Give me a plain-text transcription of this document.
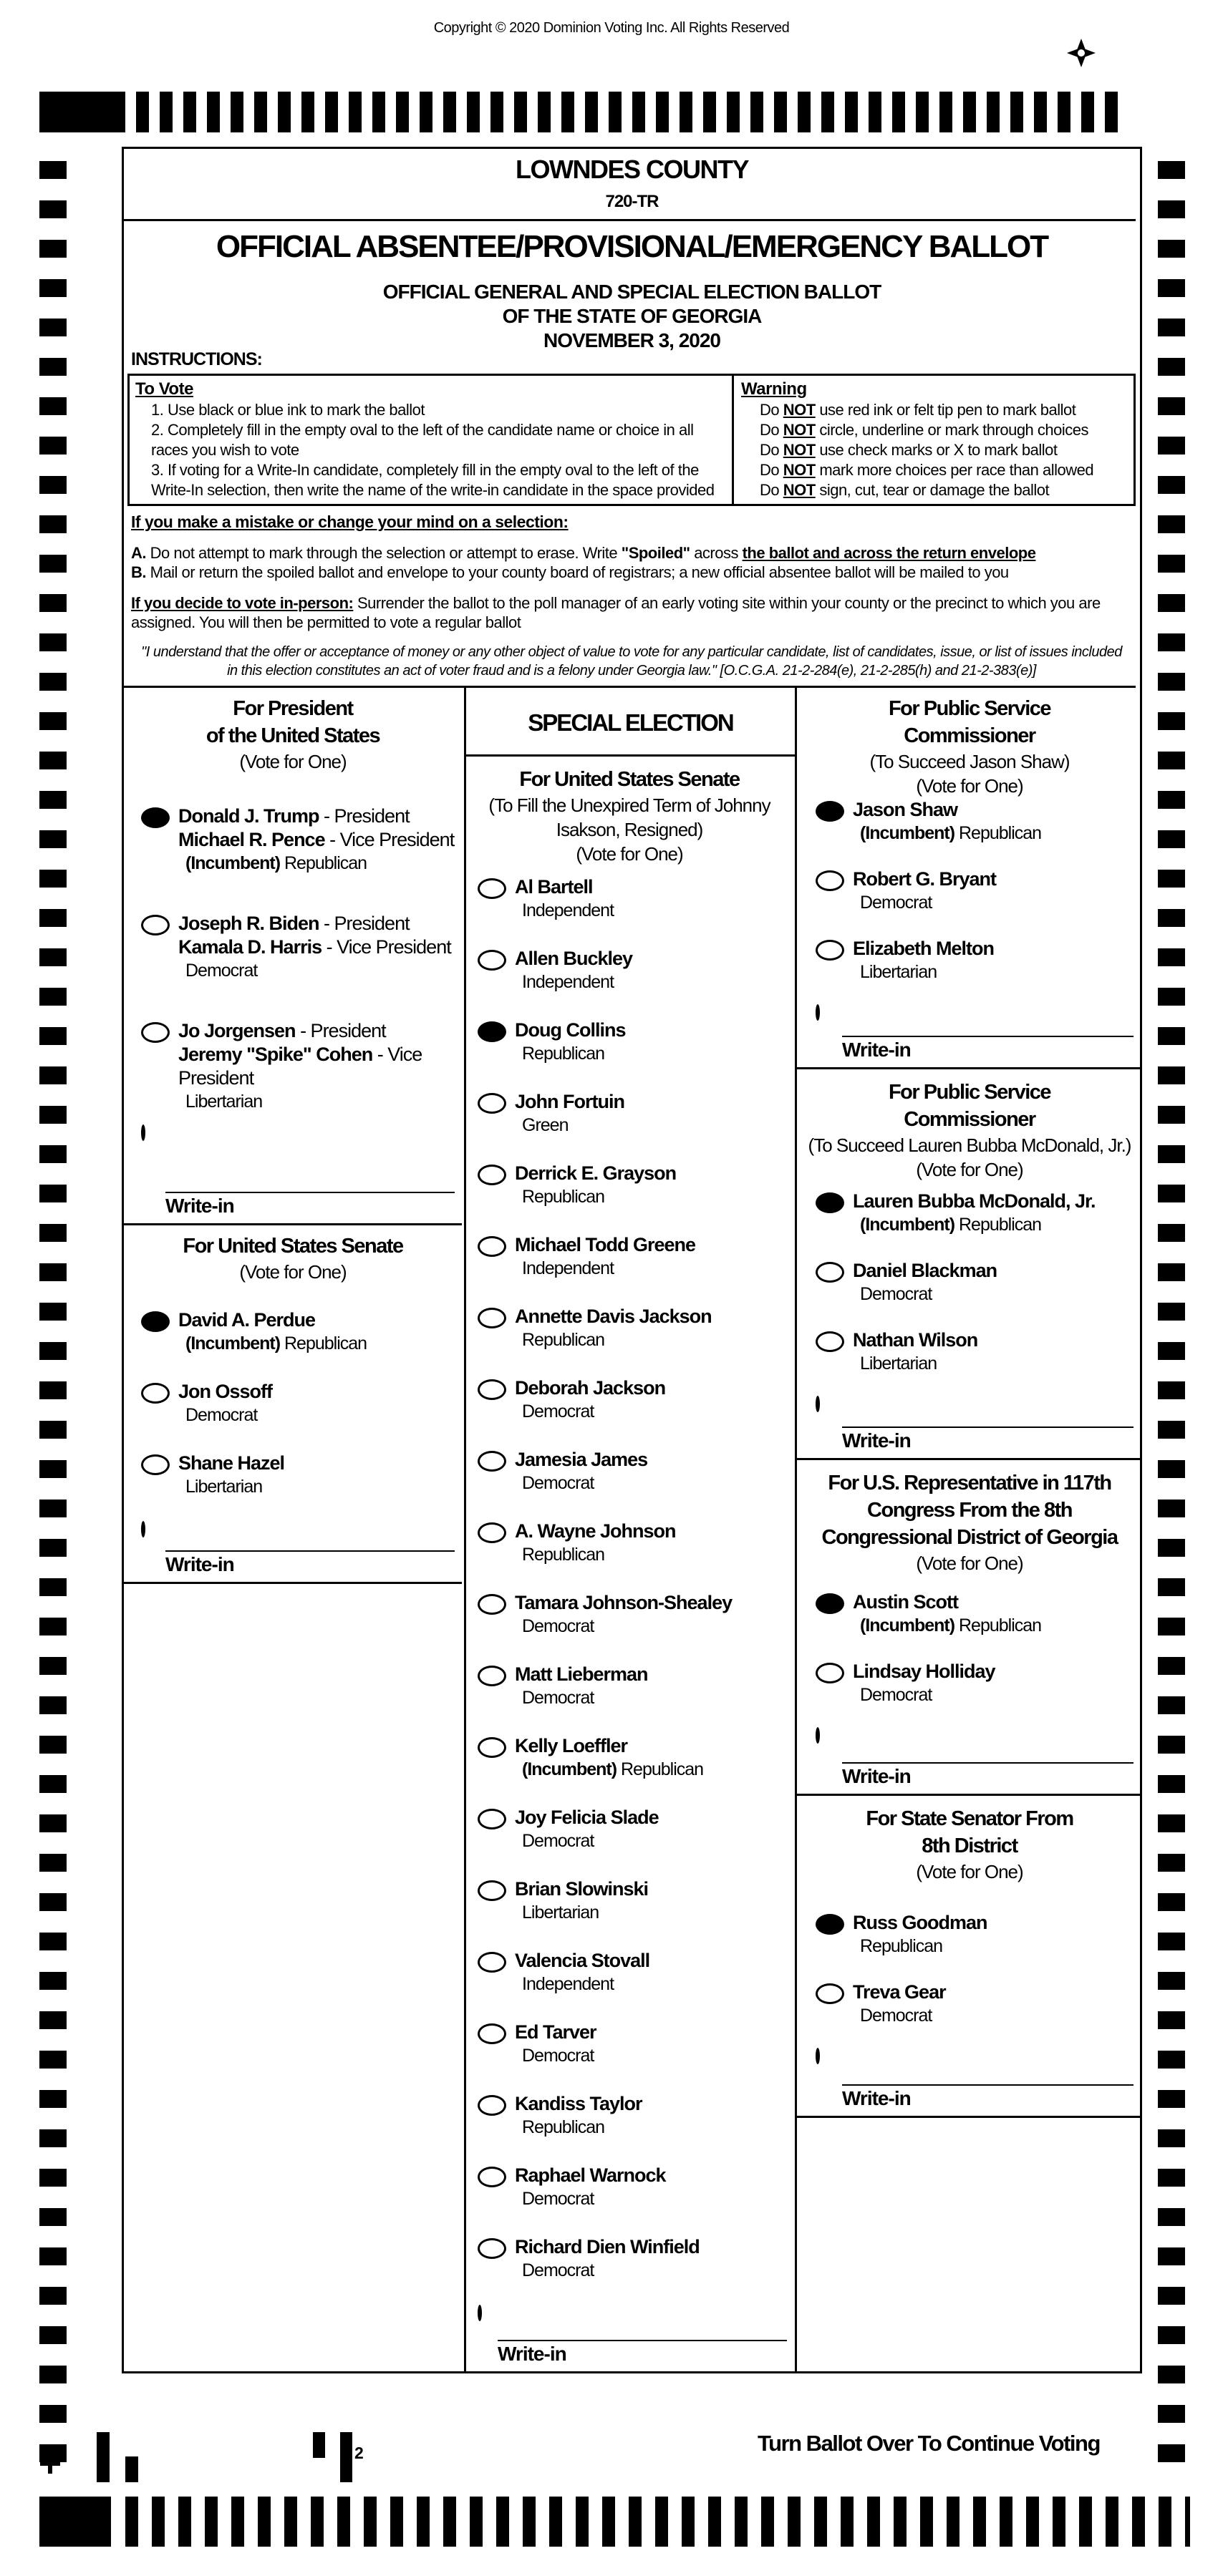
Copyright © 2020 Dominion Voting Inc. All Rights Reserved
LOWNDES COUNTY
720-TR
OFFICIAL ABSENTEE/PROVISIONAL/EMERGENCY BALLOT
OFFICIAL GENERAL AND SPECIAL ELECTION BALLOT
OF THE STATE OF GEORGIA
NOVEMBER 3, 2020
INSTRUCTIONS:
To Vote
1. Use black or blue ink to mark the ballot
2. Completely fill in the empty oval to the left of the candidate name or choice in all races you wish to vote
3. If voting for a Write-In candidate, completely fill in the empty oval to the left of the Write-In selection, then write the name of the write-in candidate in the space provided
Warning
Do NOT use red ink or felt tip pen to mark ballot
Do NOT circle, underline or mark through choices
Do NOT use check marks or X to mark ballot
Do NOT mark more choices per race than allowed
Do NOT sign, cut, tear or damage the ballot
If you make a mistake or change your mind on a selection:
A. Do not attempt to mark through the selection or attempt to erase. Write "Spoiled" across the ballot and across the return envelope
B. Mail or return the spoiled ballot and envelope to your county board of registrars; a new official absentee ballot will be mailed to you
If you decide to vote in-person: Surrender the ballot to the poll manager of an early voting site within your county or the precinct to which you are assigned. You will then be permitted to vote a regular ballot
"I understand that the offer or acceptance of money or any other object of value to vote for any particular candidate, list of candidates, issue, or list of issues included in this election constitutes an act of voter fraud and is a felony under Georgia law." [O.C.G.A. 21-2-284(e), 21-2-285(h) and 21-2-383(e)]
For President
of the United States
(Vote for One)
Donald J. Trump - President
Michael R. Pence - Vice President
(Incumbent) Republican
Joseph R. Biden - President
Kamala D. Harris - Vice President
Democrat
Jo Jorgensen - President
Jeremy "Spike" Cohen - Vice President
Libertarian
Write-in
For United States Senate
(Vote for One)
David A. Perdue
(Incumbent) Republican
Jon Ossoff
Democrat
Shane Hazel
Libertarian
Write-in
SPECIAL ELECTION
For United States Senate
(To Fill the Unexpired Term of Johnny
Isakson, Resigned)
(Vote for One)
Al Bartell
Independent
Allen Buckley
Independent
Doug Collins
Republican
John Fortuin
Green
Derrick E. Grayson
Republican
Michael Todd Greene
Independent
Annette Davis Jackson
Republican
Deborah Jackson
Democrat
Jamesia James
Democrat
A. Wayne Johnson
Republican
Tamara Johnson-Shealey
Democrat
Matt Lieberman
Democrat
Kelly Loeffler
(Incumbent) Republican
Joy Felicia Slade
Democrat
Brian Slowinski
Libertarian
Valencia Stovall
Independent
Ed Tarver
Democrat
Kandiss Taylor
Republican
Raphael Warnock
Democrat
Richard Dien Winfield
Democrat
Write-in
For Public Service
Commissioner
(To Succeed Jason Shaw)
(Vote for One)
Jason Shaw
(Incumbent) Republican
Robert G. Bryant
Democrat
Elizabeth Melton
Libertarian
Write-in
For Public Service
Commissioner
(To Succeed Lauren Bubba McDonald, Jr.)
(Vote for One)
Lauren Bubba McDonald, Jr.
(Incumbent) Republican
Daniel Blackman
Democrat
Nathan Wilson
Libertarian
Write-in
For U.S. Representative in 117th
Congress From the 8th
Congressional District of Georgia
(Vote for One)
Austin Scott
(Incumbent) Republican
Lindsay Holliday
Democrat
Write-in
For State Senator From
8th District
(Vote for One)
Russ Goodman
Republican
Treva Gear
Democrat
Write-in
Turn Ballot Over To Continue Voting
2
